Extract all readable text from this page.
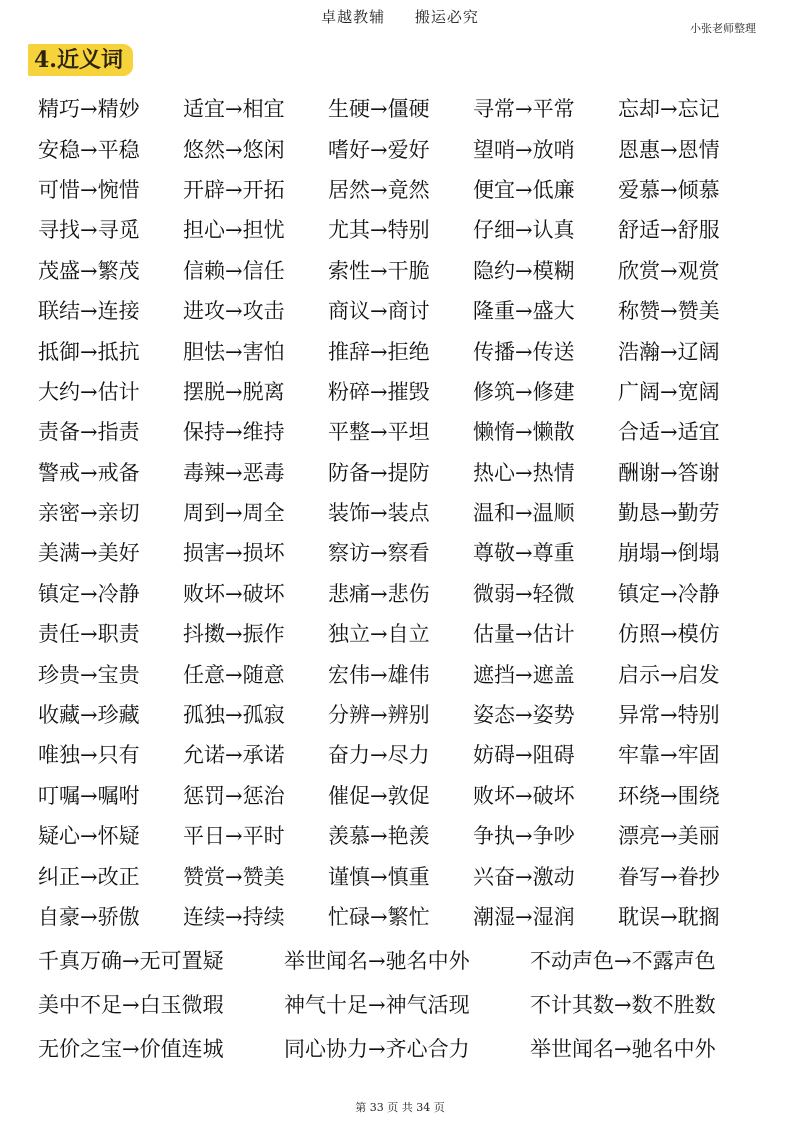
卓越教辅 搬运必究
小张老师整理
4.近义词
精巧→精妙	适宜→相宜	生硬→僵硬	寻常→平常	忘却→忘记
安稳→平稳	悠然→悠闲	嗜好→爱好	望哨→放哨	恩惠→恩情
可惜→惋惜	开辟→开拓	居然→竟然	便宜→低廉	爱慕→倾慕
寻找→寻觅	担心→担忧	尤其→特别	仔细→认真	舒适→舒服
茂盛→繁茂	信赖→信任	索性→干脆	隐约→模糊	欣赏→观赏
联结→连接	进攻→攻击	商议→商讨	隆重→盛大	称赞→赞美
抵御→抵抗	胆怯→害怕	推辞→拒绝	传播→传送	浩瀚→辽阔
大约→估计	摆脱→脱离	粉碎→摧毁	修筑→修建	广阔→宽阔
责备→指责	保持→维持	平整→平坦	懒惰→懒散	合适→适宜
警戒→戒备	毒辣→恶毒	防备→提防	热心→热情	酬谢→答谢
亲密→亲切	周到→周全	装饰→装点	温和→温顺	勤恳→勤劳
美满→美好	损害→损坏	察访→察看	尊敬→尊重	崩塌→倒塌
镇定→冷静	败坏→破坏	悲痛→悲伤	微弱→轻微	镇定→冷静
责任→职责	抖擞→振作	独立→自立	估量→估计	仿照→模仿
珍贵→宝贵	任意→随意	宏伟→雄伟	遮挡→遮盖	启示→启发
收藏→珍藏	孤独→孤寂	分辨→辨别	姿态→姿势	异常→特别
唯独→只有	允诺→承诺	奋力→尽力	妨碍→阻碍	牢靠→牢固
叮嘱→嘱咐	惩罚→惩治	催促→敦促	败坏→破坏	环绕→围绕
疑心→怀疑	平日→平时	羡慕→艳羡	争执→争吵	漂亮→美丽
纠正→改正	赞赏→赞美	谨慎→慎重	兴奋→激动	眷写→眷抄
自豪→骄傲	连续→持续	忙碌→繁忙	潮湿→湿润	耽误→耽搁
千真万确→无可置疑	举世闻名→驰名中外	不动声色→不露声色
美中不足→白玉微瑕	神气十足→神气活现	不计其数→数不胜数
无价之宝→价值连城	同心协力→齐心合力	举世闻名→驰名中外
第 33 页 共 34 页
